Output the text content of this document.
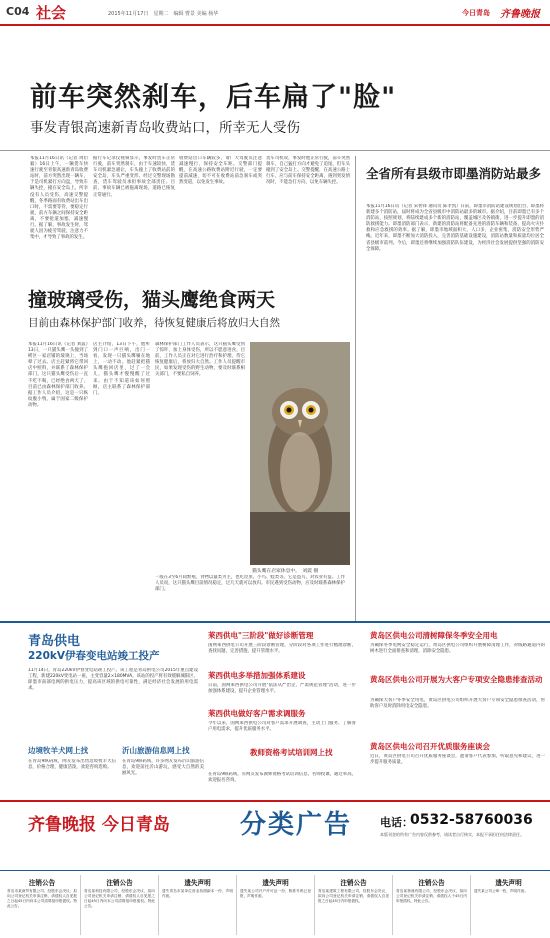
C04 社会	2015年11月17日　星期二　编辑 曹景 美编 杨华	今日青岛 齐鲁晚报
前车突然刹车，后车扁了"脸"
事发青银高速新青岛收费站口，所幸无人受伤
本报11月16日讯（记者 周衍毅）16日上午，一辆货车快速行驶至青银高速新青岛收费站时，前方突然出现一辆车，于是司机紧打方向盘，导致车辆失控，撞在安全岛上。所幸没有人员受伤，高速交警提醒，冬季路面有收费站出车出口时，不需要等待，要稳定行驶，前方车辆之间保持安全距离，不要抢道加塞，减速慢行。据了解，事故发生时，驾驶人因为疲劳驾驶，注意力不集中，才导致了事故的发生。
据行车记录仪视频显示，事发时货车正常行驶，前车突然刹车，由于车速较快，货车司机紧急避让，车头撞上了收费站前的安全岛，车头严重变形。经过交警现场勘查，货车驾驶员承担事故全部责任。目前，事故车辆已被拖离现场，道路已恢复正常通行。
收费站出口车辆较多，请广大驾驶员注意减速慢行，保持安全车距。交警部门提醒，在高速公路收费站附近行驶，一定要提前减速，切不可在收费站前急刹车或突然变道，以免发生事故。
货车司机说，事发时他正常行驶，前车突然刹车，自己猛打方向才避免了追尾，但车头撞到了安全岛上。交警提醒，在高速公路上行车，应与前车保持安全距离，遇到突发情况时，不能急打方向，以免车辆失控。
全省所有县级市即墨消防站最多
本报11月16日讯（记者 宋智锋 通讯员 陈孝凯）日前，即墨市消防站建设规划出台，即墨将新建多个消防站，届时将成为全省县级市中消防站最多的城市。据介绍，目前即墨已有多个消防站，按照规划，将陆续建成多个新的消防站，覆盖城区及各镇街，进一步提升即墨的消防救援能力。即墨消防部门表示，新建的消防站将配备先进的消防车辆和装备，提高火灾扑救和应急救援的效率。据了解，即墨市地域面积大，人口多，企业密集，消防安全形势严峻。近年来，即墨不断加大消防投入，完善消防基础设施建设，消防站数量和质量均位居全省县级市前列。今后，即墨还将继续加强消防队伍建设，为经济社会发展提供坚强的消防安全保障。
撞玻璃受伤，猫头鹰绝食两天
目前由森林保护部门收养，待恢复健康后将放归大自然
本报11月16日讯（记者 刘震）13日，一只猫头鹰一头撞到了崂区一家店铺的玻璃上，当场晕了过去。店主赶紧将它带回店中照料，并联系了森林保护部门。这只猫头鹰受伤后一直不吃不喝，已经绝食两天了，目前已由森林保护部门收养。据工作人员介绍，这是一只纵纹腹小鸮，属于国家二级保护动物。
店主介绍，13日下午，他听到门口一声巨响，出门一看，发现一只猫头鹰躺在地上，一动不动。他赶紧把猫头鹰抱回店里，过了一会儿，猫头鹰才慢慢醒了过来。由于不知道该如何照顾，店主联系了森林保护部门。
森林保护部门工作人员表示，这只猫头鹰受到了惊吓，加上身体受伤，所以不愿意进食。目前，工作人员正在对它进行治疗和护理，待它恢复健康后，将放归大自然。工作人员提醒市民，如果发现受伤的野生动物，要及时联系相关部门，不要私自饲养。
一般在3至6月间繁殖，食物以鼠类为主，也吃昆虫、小鸟、蛙类等。它是益鸟，对农业有益。工作人员说，这只猫头鹰目前情况稳定，过几天就可以放归。市民遇到受伤动物，应及时联系森林保护部门。
猫头鹰在店家休息中。　刘震 摄
青岛供电
220kV伊春变电站竣工投产
11月14日，青岛220kV伊春变电站竣工投产。该工程是青岛供电公司2015年重点建设工程，新建220kV变电站一座，主变容量2×180MVA。该站的投产将有效缓解城阳区、即墨市南部电网的供电压力，提高该区域的供电可靠性，满足经济社会发展的用电需求。
莱西供电"三阶段"做好诊断管理
国网莱西供电公司开展三阶段诊断管理，分阶段对各项工作进行梳理诊断，查找问题，完善措施，提升管理水平。
莱西供电多举措加强体系建设
日前，国网莱西供电公司开展"依法从严治企，严肃规范管理"活动，进一步加强体系建设，提升企业管理水平。
莱西供电做好客户需求调服务
今年以来，国网莱西供电公司对客户需求开展调查，主动上门服务，了解客户用电需求，提升优质服务水平。
黄岛区供电公司清树障保冬季安全用电
为确保冬季电网安全稳定运行，黄岛区供电公司组织开展树障清理工作，对线路通道内的树木进行全面排查和清理，消除安全隐患。
黄岛区供电公司开展为大客户专项安全隐患排查活动
为确保大客户冬季安全用电，黄岛区供电公司组织开展大客户专项安全隐患排查活动，帮助客户及时消除用电安全隐患。
黄岛区供电公司召开优质服务座谈会
近日，黄岛区供电公司召开优质服务座谈会，邀请客户代表参加，听取意见和建议，进一步提升服务质量。
边境牧羊犬网上找
在青岛9纵码域，网友发布出售边境牧羊犬信息，价格合理，健康活泼，欢迎咨询选购。
沂山旅游信息网上找
在青岛9纵码域，许多网友发布沂山旅游信息，欢迎前往沂山游玩，感受大自然的美丽风光。
教师资格考试培训网上找
在青岛9纵码域，有网友发布教师资格考试培训信息，名师授课，通过率高，欢迎报名咨询。
齐鲁晚报 今日青岛	分类广告	电话：
0532-58760036
本版刊登的所有广告内容仅供参考，请读者自行核实，本报不承担任何法律责任。
注销公告
青岛市某商贸有限公司，经股东会决议，拟向公司登记机关申请注销，请债权人自见报之日起45日内向本公司清算组申报债权。特此公告。
注销公告
青岛某科技有限公司，经股东会决议，拟向公司登记机关申请注销，请债权人自见报之日起45日内向本公司清算组申报债权。特此公告。
遗失声明
遗失青岛市某单位营业执照副本一份，声明作废。
遗失声明
遗失某公司开户许可证一份，核准号码已登报，声明作废。
注销公告
青岛某建筑工程有限公司，经股东会决议，拟向公司登记机关申请注销，请债权人自见报之日起45日内申报债权。
注销公告
青岛某物流有限公司，经股东会决议，拟向公司登记机关申请注销，请债权人于45日内申报债权。特此公告。
遗失声明
遗失某公司公章一枚，声明作废。
